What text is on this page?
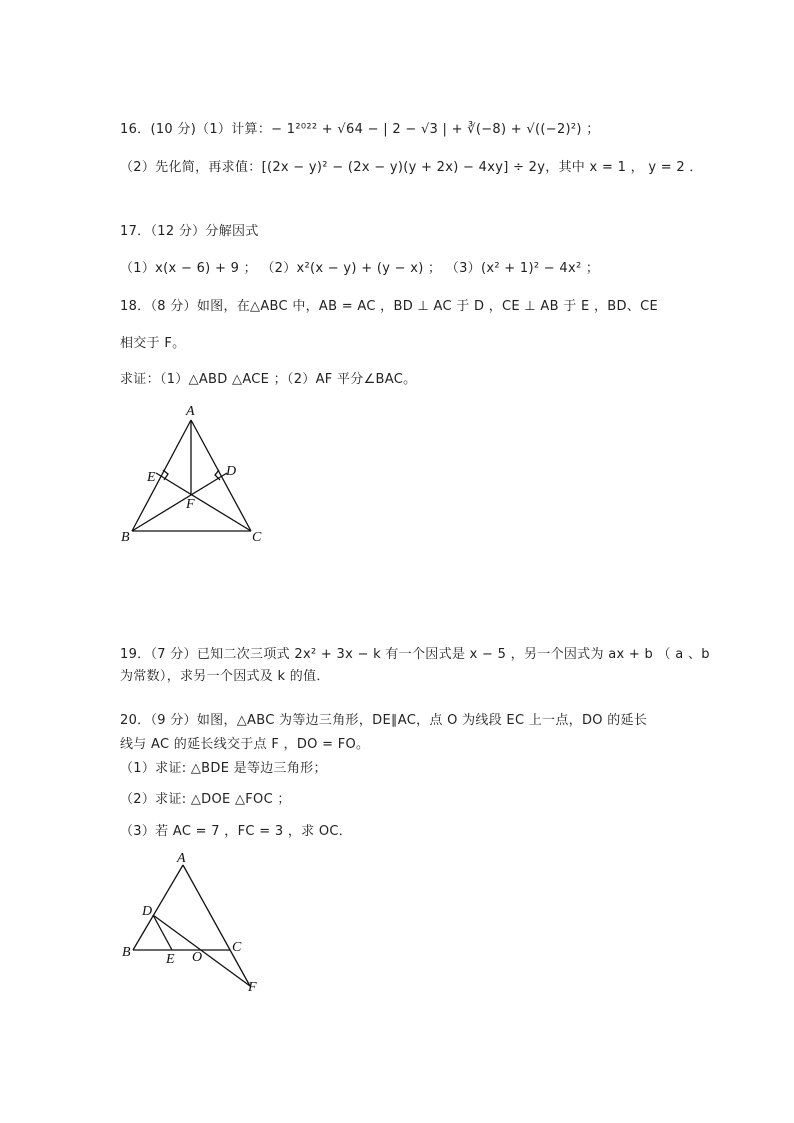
16．(10 分)（1）计算：− 1²⁰²² + √64 − | 2 − √3 | + ∛(−8) + √((−2)²) ；
（2）先化简，再求值：[(2x − y)² − (2x − y)(y + 2x) − 4xy] ÷ 2y，其中 x = 1 ， y = 2 ．
17．（12 分）分解因式
（1）x(x − 6) + 9 ； （2）x²(x − y) + (y − x) ； （3）(x² + 1)² − 4x² ；
18．（8 分）如图，在△ABC 中，AB = AC ，BD ⊥ AC 于 D ，CE ⊥ AB 于 E ，BD、CE
相交于 F。
求证：（1）△ABD △ACE ；（2）AF 平分∠BAC。
A
B	C
D
E
F
19．（7 分）已知二次三项式 2x² + 3x − k 有一个因式是 x − 5 ，另一个因式为 ax + b （ a 、b
为常数），求另一个因式及 k 的值．
20．（9 分）如图，△ABC 为等边三角形，DE∥AC，点 O 为线段 EC 上一点，DO 的延长
线与 AC 的延长线交于点 F ，DO = FO。
（1）求证: △BDE 是等边三角形；
（2）求证: △DOE △FOC ；
（3）若 AC = 7 ，FC = 3 ，求 OC．
A
B	C
D
E O
F
